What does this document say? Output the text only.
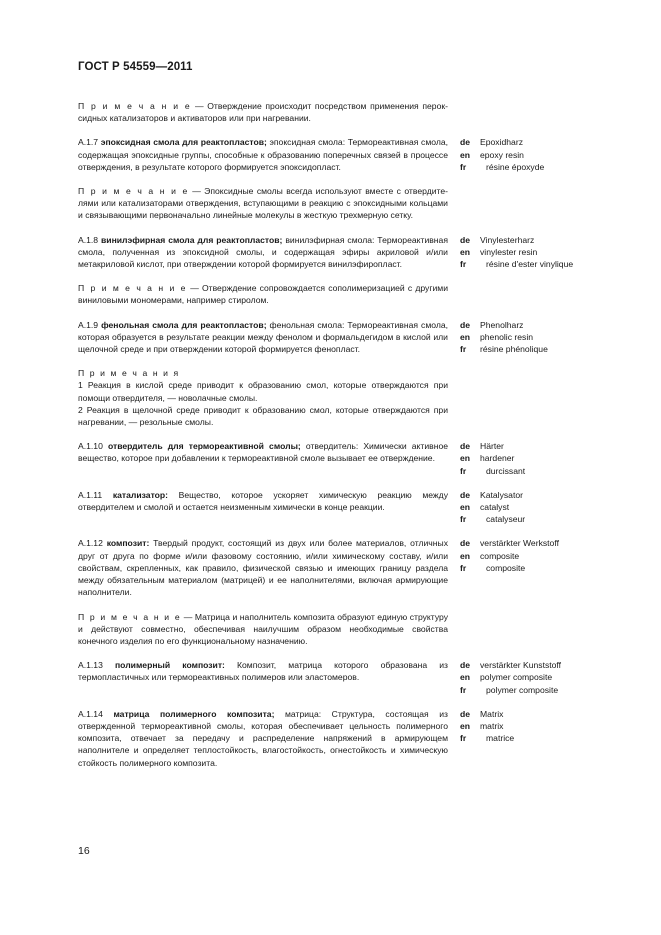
ГОСТ Р 54559—2011
П р и м е ч а н и е — Отверждение происходит посредством применения пероксидных катализаторов и активаторов или при нагревании.
А.1.7 эпоксидная смола для реактопластов; эпоксидная смола: Термореактивная смола, содержащая эпоксидные группы, способные к образованию поперечных связей в процессе отверждения, в результате которого формируется эпоксидопласт.
de	Epoxidharz
en	epoxy resin
fr	résine époxyde
П р и м е ч а н и е — Эпоксидные смолы всегда используют вместе с отвердителями или катализаторами отверждения, вступающими в реакцию с эпоксидными кольцами и связывающими первоначально линейные молекулы в жесткую трехмерную сетку.
А.1.8 винилэфирная смола для реактопластов; винилэфирная смола: Термореактивная смола, полученная из эпоксидной смолы, и содержащая эфиры акриловой и/или метакриловой кислот, при отверждении которой формируется винилэфиропласт.
de	Vinylesterharz
en	vinylester resin
fr	résine d'ester vinylique
П р и м е ч а н и е — Отверждение сопровождается сополимеризацией с другими виниловыми мономерами, например стиролом.
А.1.9 фенольная смола для реактопластов; фенольная смола: Термореактивная смола, которая образуется в результате реакции между фенолом и формальдегидом в кислой или щелочной среде и при отверждении которой формируется фенопласт.
de	Phenolharz
en	phenolic resin
fr	résine phénolique
П р и м е ч а н и я
1 Реакция в кислой среде приводит к образованию смол, которые отверждаются при помощи отвердителя, — новолачные смолы.
2 Реакция в щелочной среде приводит к образованию смол, которые отверждаются при нагревании, — резольные смолы.
А.1.10 отвердитель для термореактивной смолы; отвердитель: Химически активное вещество, которое при добавлении к термореактивной смоле вызывает ее отверждение.
de	Härter
en	hardener
fr	durcissant
А.1.11 катализатор: Вещество, которое ускоряет химическую реакцию между отвердителем и смолой и остается неизменным химически в конце реакции.
de	Katalysator
en	catalyst
fr	catalyseur
А.1.12 композит: Твердый продукт, состоящий из двух или более материалов, отличных друг от друга по форме и/или фазовому состоянию, и/или химическому составу, и/или свойствам, скрепленных, как правило, физической связью и имеющих границу раздела между обязательным материалом (матрицей) и ее наполнителями, включая армирующие наполнители.
de	verstärkter Werkstoff
en	composite
fr	composite
П р и м е ч а н и е — Матрица и наполнитель композита образуют единую структуру и действуют совместно, обеспечивая наилучшим образом необходимые свойства конечного изделия по его функциональному назначению.
А.1.13 полимерный композит: Композит, матрица которого образована из термопластичных или термореактивных полимеров или эластомеров.
de	verstärkter Kunststoff
en	polymer composite
fr	polymer composite
А.1.14 матрица полимерного композита; матрица: Структура, состоящая из отвержденной термореактивной смолы, которая обеспечивает цельность полимерного композита, отвечает за передачу и распределение напряжений в армирующем наполнителе и определяет теплостойкость, влагостойкость, огнестойкость и химическую стойкость полимерного композита.
de	Matrix
en	matrix
fr	matrice
16
